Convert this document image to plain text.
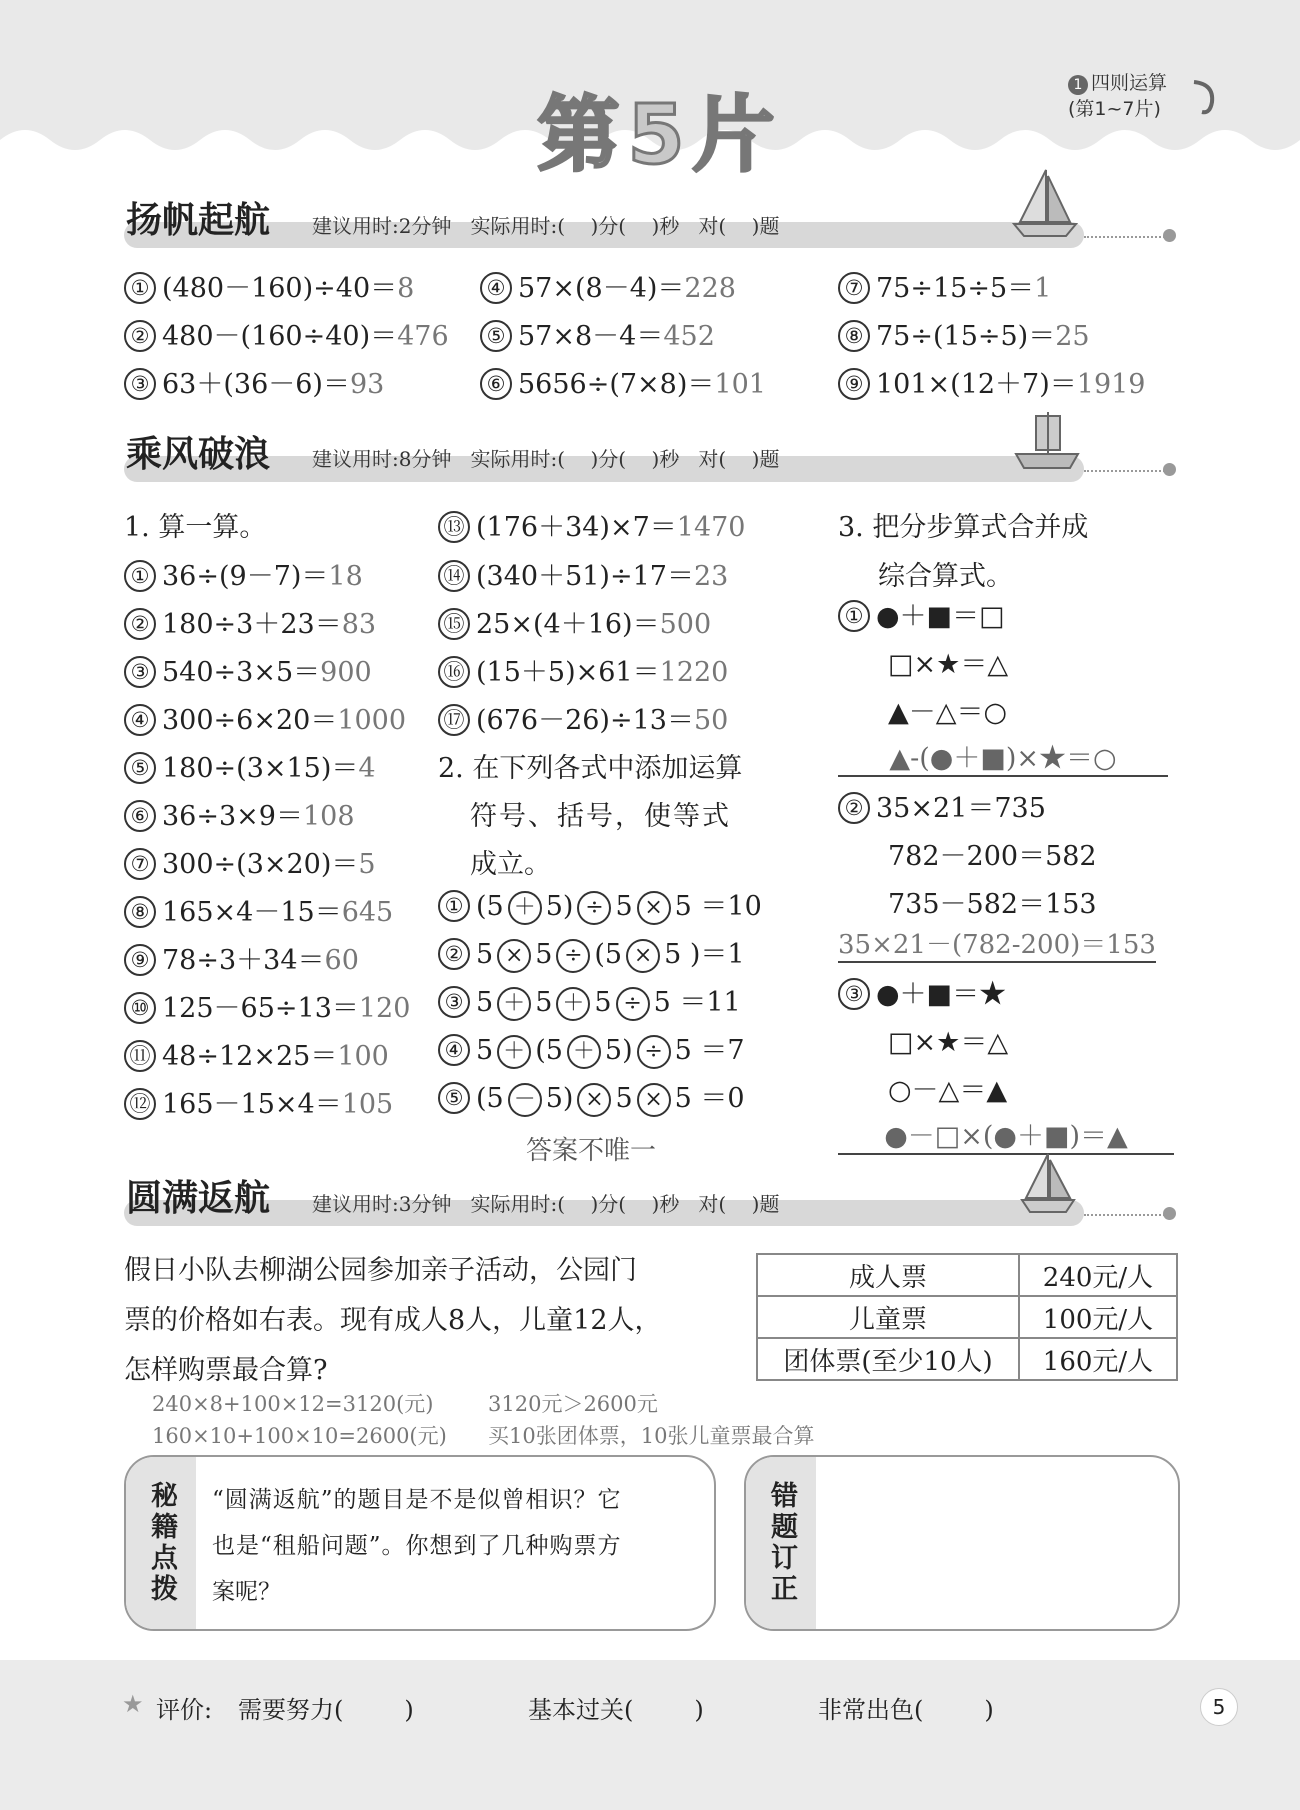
第5片
1 四则运算
(第1~7片)
扬帆起航 建议用时:2分钟   实际用时:(    )分(    )秒   对(    )题
① (480－160)÷40＝8
② 480－(160÷40)＝476
③ 63＋(36－6)＝93
④ 57×(8－4)＝228
⑤ 57×8－4＝452
⑥ 5656÷(7×8)＝101
⑦ 75÷15÷5＝1
⑧ 75÷(15÷5)＝25
⑨ 101×(12＋7)＝1919
乘风破浪 建议用时:8分钟   实际用时:(    )分(    )秒   对(    )题
1. 算一算。
① 36÷(9－7)＝18
② 180÷3＋23＝83
③ 540÷3×5＝900
④ 300÷6×20＝1000
⑤ 180÷(3×15)＝4
⑥ 36÷3×9＝108
⑦ 300÷(3×20)＝5
⑧ 165×4－15＝645
⑨ 78÷3＋34＝60
⑩ 125－65÷13＝120
⑪ 48÷12×25＝100
⑫ 165－15×4＝105
⑬ (176＋34)×7＝1470
⑭ (340＋51)÷17＝23
⑮ 25×(4＋16)＝500
⑯ (15＋5)×61＝1220
⑰ (676－26)÷13＝50
2. 在下列各式中添加运算
符号、括号，使等式
成立。
① (5 ＋ 5) ÷ 5 × 5 ＝10
② 5 × 5 ÷ (5 × 5 )＝1
③ 5 ＋ 5 ＋ 5 ÷ 5 ＝11
④ 5 ＋ (5 ＋ 5) ÷ 5 ＝7
⑤ (5 － 5) × 5 × 5 ＝0
答案不唯一
3. 把分步算式合并成
综合算式。
① ●＋■＝□
□×★＝△
▲－△＝○
▲-(●＋■)×★＝○
② 35×21＝735
782－200＝582
735－582＝153
35×21－(782-200)＝153
③ ●＋■＝★
□×★＝△
○－△＝▲
●－□×(●＋■)＝▲
圆满返航 建议用时:3分钟   实际用时:(    )分(    )秒   对(    )题
假日小队去柳湖公园参加亲子活动，公园门
票的价格如右表。现有成人8人，儿童12人，
怎样购票最合算?
成人票	240元/人
儿童票	100元/人
团体票(至少10人)	160元/人
240×8+100×12=3120(元)
160×10+100×10=2600(元)
3120元＞2600元
买10张团体票，10张儿童票最合算
秘籍点拨	“圆满返航”的题目是不是似曾相识？它
也是“租船问题”。你想到了几种购票方
案呢？	错题订正
★ 评价: 需要努力(        )	基本过关(        )	非常出色(        )	5
